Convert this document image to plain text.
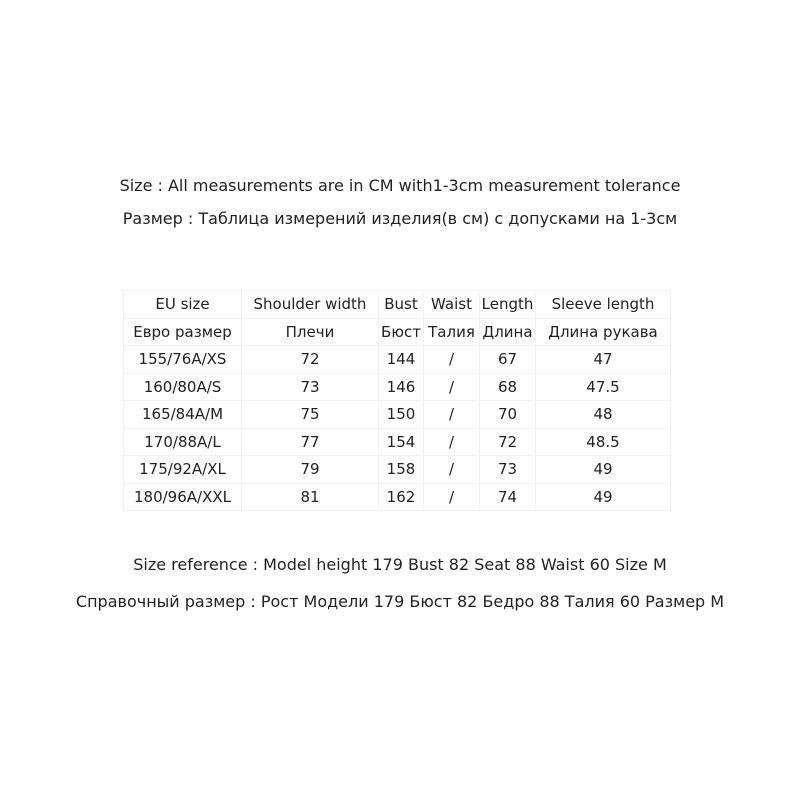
Size : All measurements are in CM with1-3cm measurement tolerance
Размер : Таблица измерений изделия(в см) с допусками на 1-3см
EU size	Shoulder width	Bust	Waist	Length	Sleeve length
Евро размер	Плечи	Бюст	Талия	Длина	Длина рукава
155/76A/XS	72	144	/	67	47
160/80A/S	73	146	/	68	47.5
165/84A/M	75	150	/	70	48
170/88A/L	77	154	/	72	48.5
175/92A/XL	79	158	/	73	49
180/96A/XXL	81	162	/	74	49
Size reference : Model height 179 Bust 82 Seat 88 Waist 60 Size M
Справочный размер : Рост Модели 179 Бюст 82 Бедро 88 Талия 60 Размер M
